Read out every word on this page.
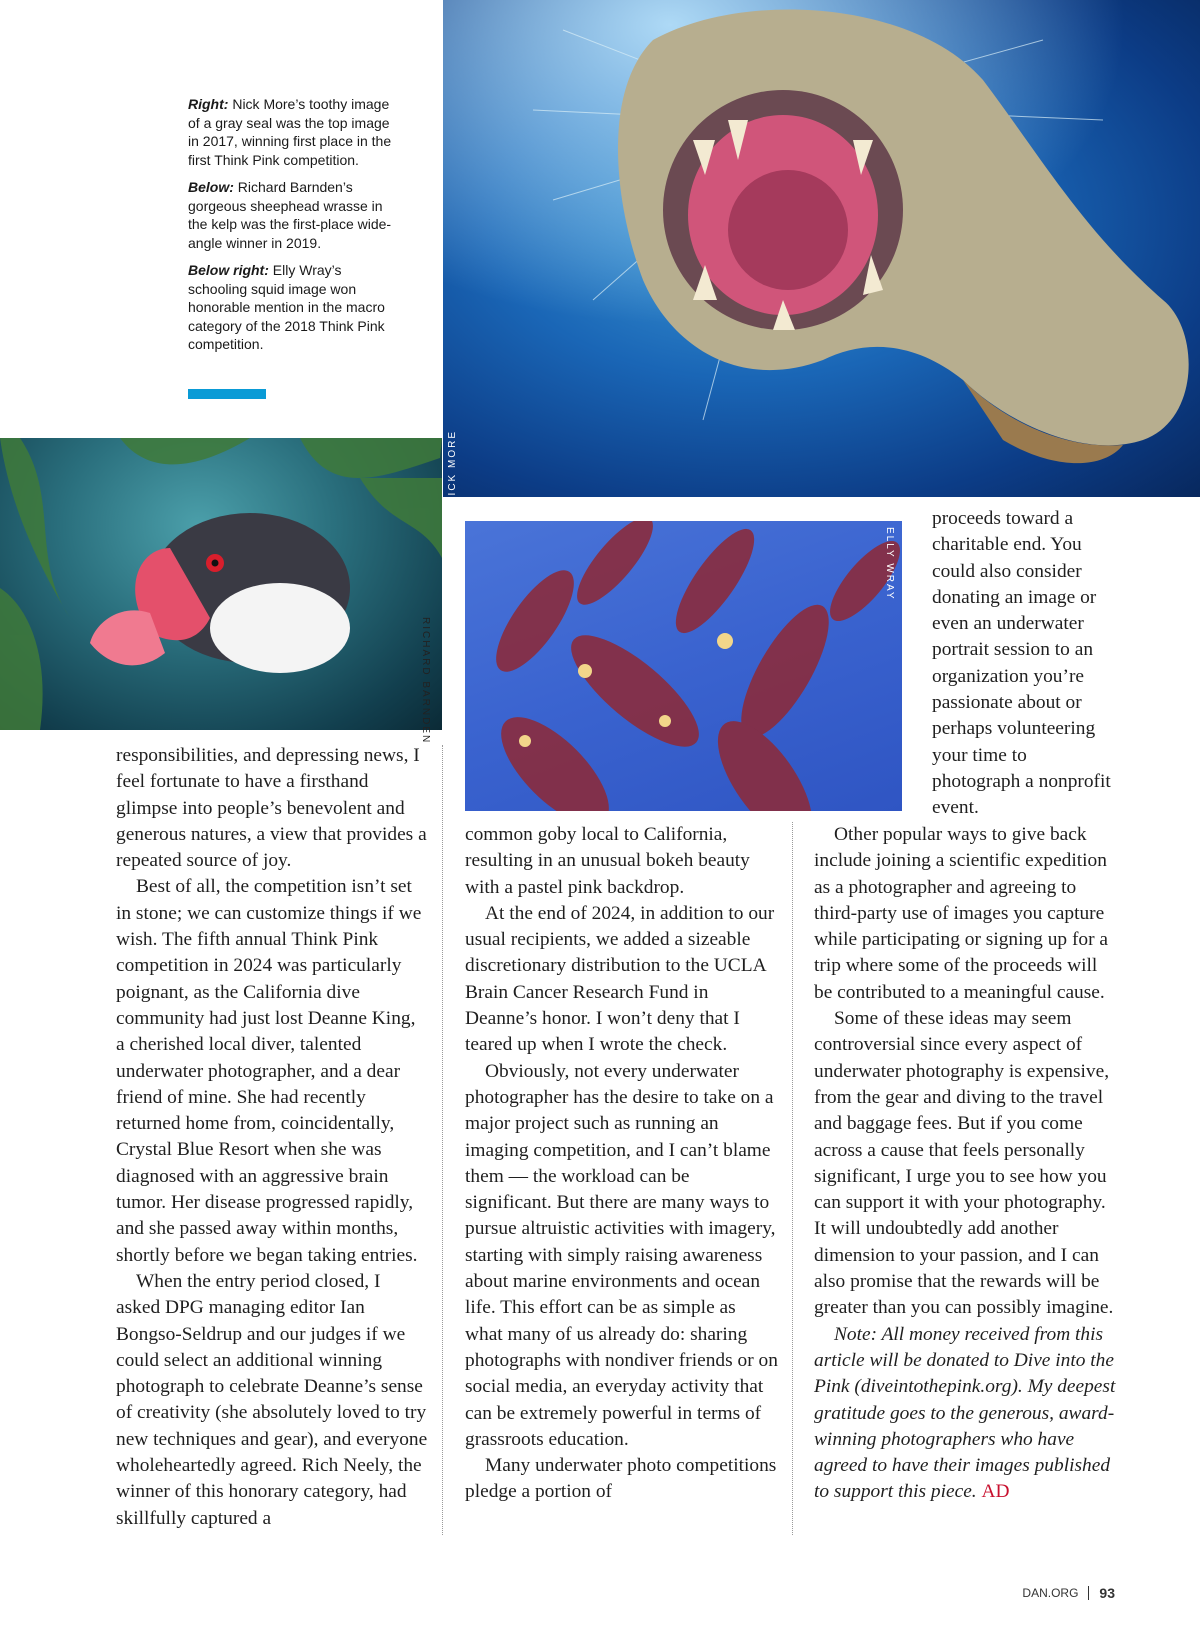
Right: Nick More’s toothy image of a gray seal was the top image in 2017, winning first place in the first Think Pink competition.

Below: Richard Barnden’s gorgeous sheephead wrasse in the kelp was the first-place wide-angle winner in 2019.

Below right: Elly Wray’s schooling squid image won honorable mention in the macro category of the 2018 Think Pink competition.

NICK MORE
RICHARD BARNDEN
ELLY WRAY

proceeds toward a charitable end. You could also consider donating an image or even an underwater portrait session to an organization you’re passionate about or perhaps volunteering your time to photograph a nonprofit event.

responsibilities, and depressing news, I feel fortunate to have a firsthand glimpse into people’s benevolent and generous natures, a view that provides a repeated source of joy.

Best of all, the competition isn’t set in stone; we can customize things if we wish. The fifth annual Think Pink competition in 2024 was particularly poignant, as the California dive community had just lost Deanne King, a cherished local diver, talented underwater photographer, and a dear friend of mine. She had recently returned home from, coincidentally, Crystal Blue Resort when she was diagnosed with an aggressive brain tumor. Her disease progressed rapidly, and she passed away within months, shortly before we began taking entries.

When the entry period closed, I asked DPG managing editor Ian Bongso-Seldrup and our judges if we could select an additional winning photograph to celebrate Deanne’s sense of creativity (she absolutely loved to try new techniques and gear), and everyone wholeheartedly agreed. Rich Neely, the winner of this honorary category, had skillfully captured a

common goby local to California, resulting in an unusual bokeh beauty with a pastel pink backdrop.

At the end of 2024, in addition to our usual recipients, we added a sizeable discretionary distribution to the UCLA Brain Cancer Research Fund in Deanne’s honor. I won’t deny that I teared up when I wrote the check.

Obviously, not every underwater photographer has the desire to take on a major project such as running an imaging competition, and I can’t blame them — the workload can be significant. But there are many ways to pursue altruistic activities with imagery, starting with simply raising awareness about marine environments and ocean life. This effort can be as simple as what many of us already do: sharing photographs with nondiver friends or on social media, an everyday activity that can be extremely powerful in terms of grassroots education.

Many underwater photo competitions pledge a portion of

Other popular ways to give back include joining a scientific expedition as a photographer and agreeing to third-party use of images you capture while participating or signing up for a trip where some of the proceeds will be contributed to a meaningful cause.

Some of these ideas may seem controversial since every aspect of underwater photography is expensive, from the gear and diving to the travel and baggage fees. But if you come across a cause that feels personally significant, I urge you to see how you can support it with your photography. It will undoubtedly add another dimension to your passion, and I can also promise that the rewards will be greater than you can possibly imagine.

Note: All money received from this article will be donated to Dive into the Pink (diveintothepink.org). My deepest gratitude goes to the generous, award-winning photographers who have agreed to have their images published to support this piece. AD

DAN.ORG 93
